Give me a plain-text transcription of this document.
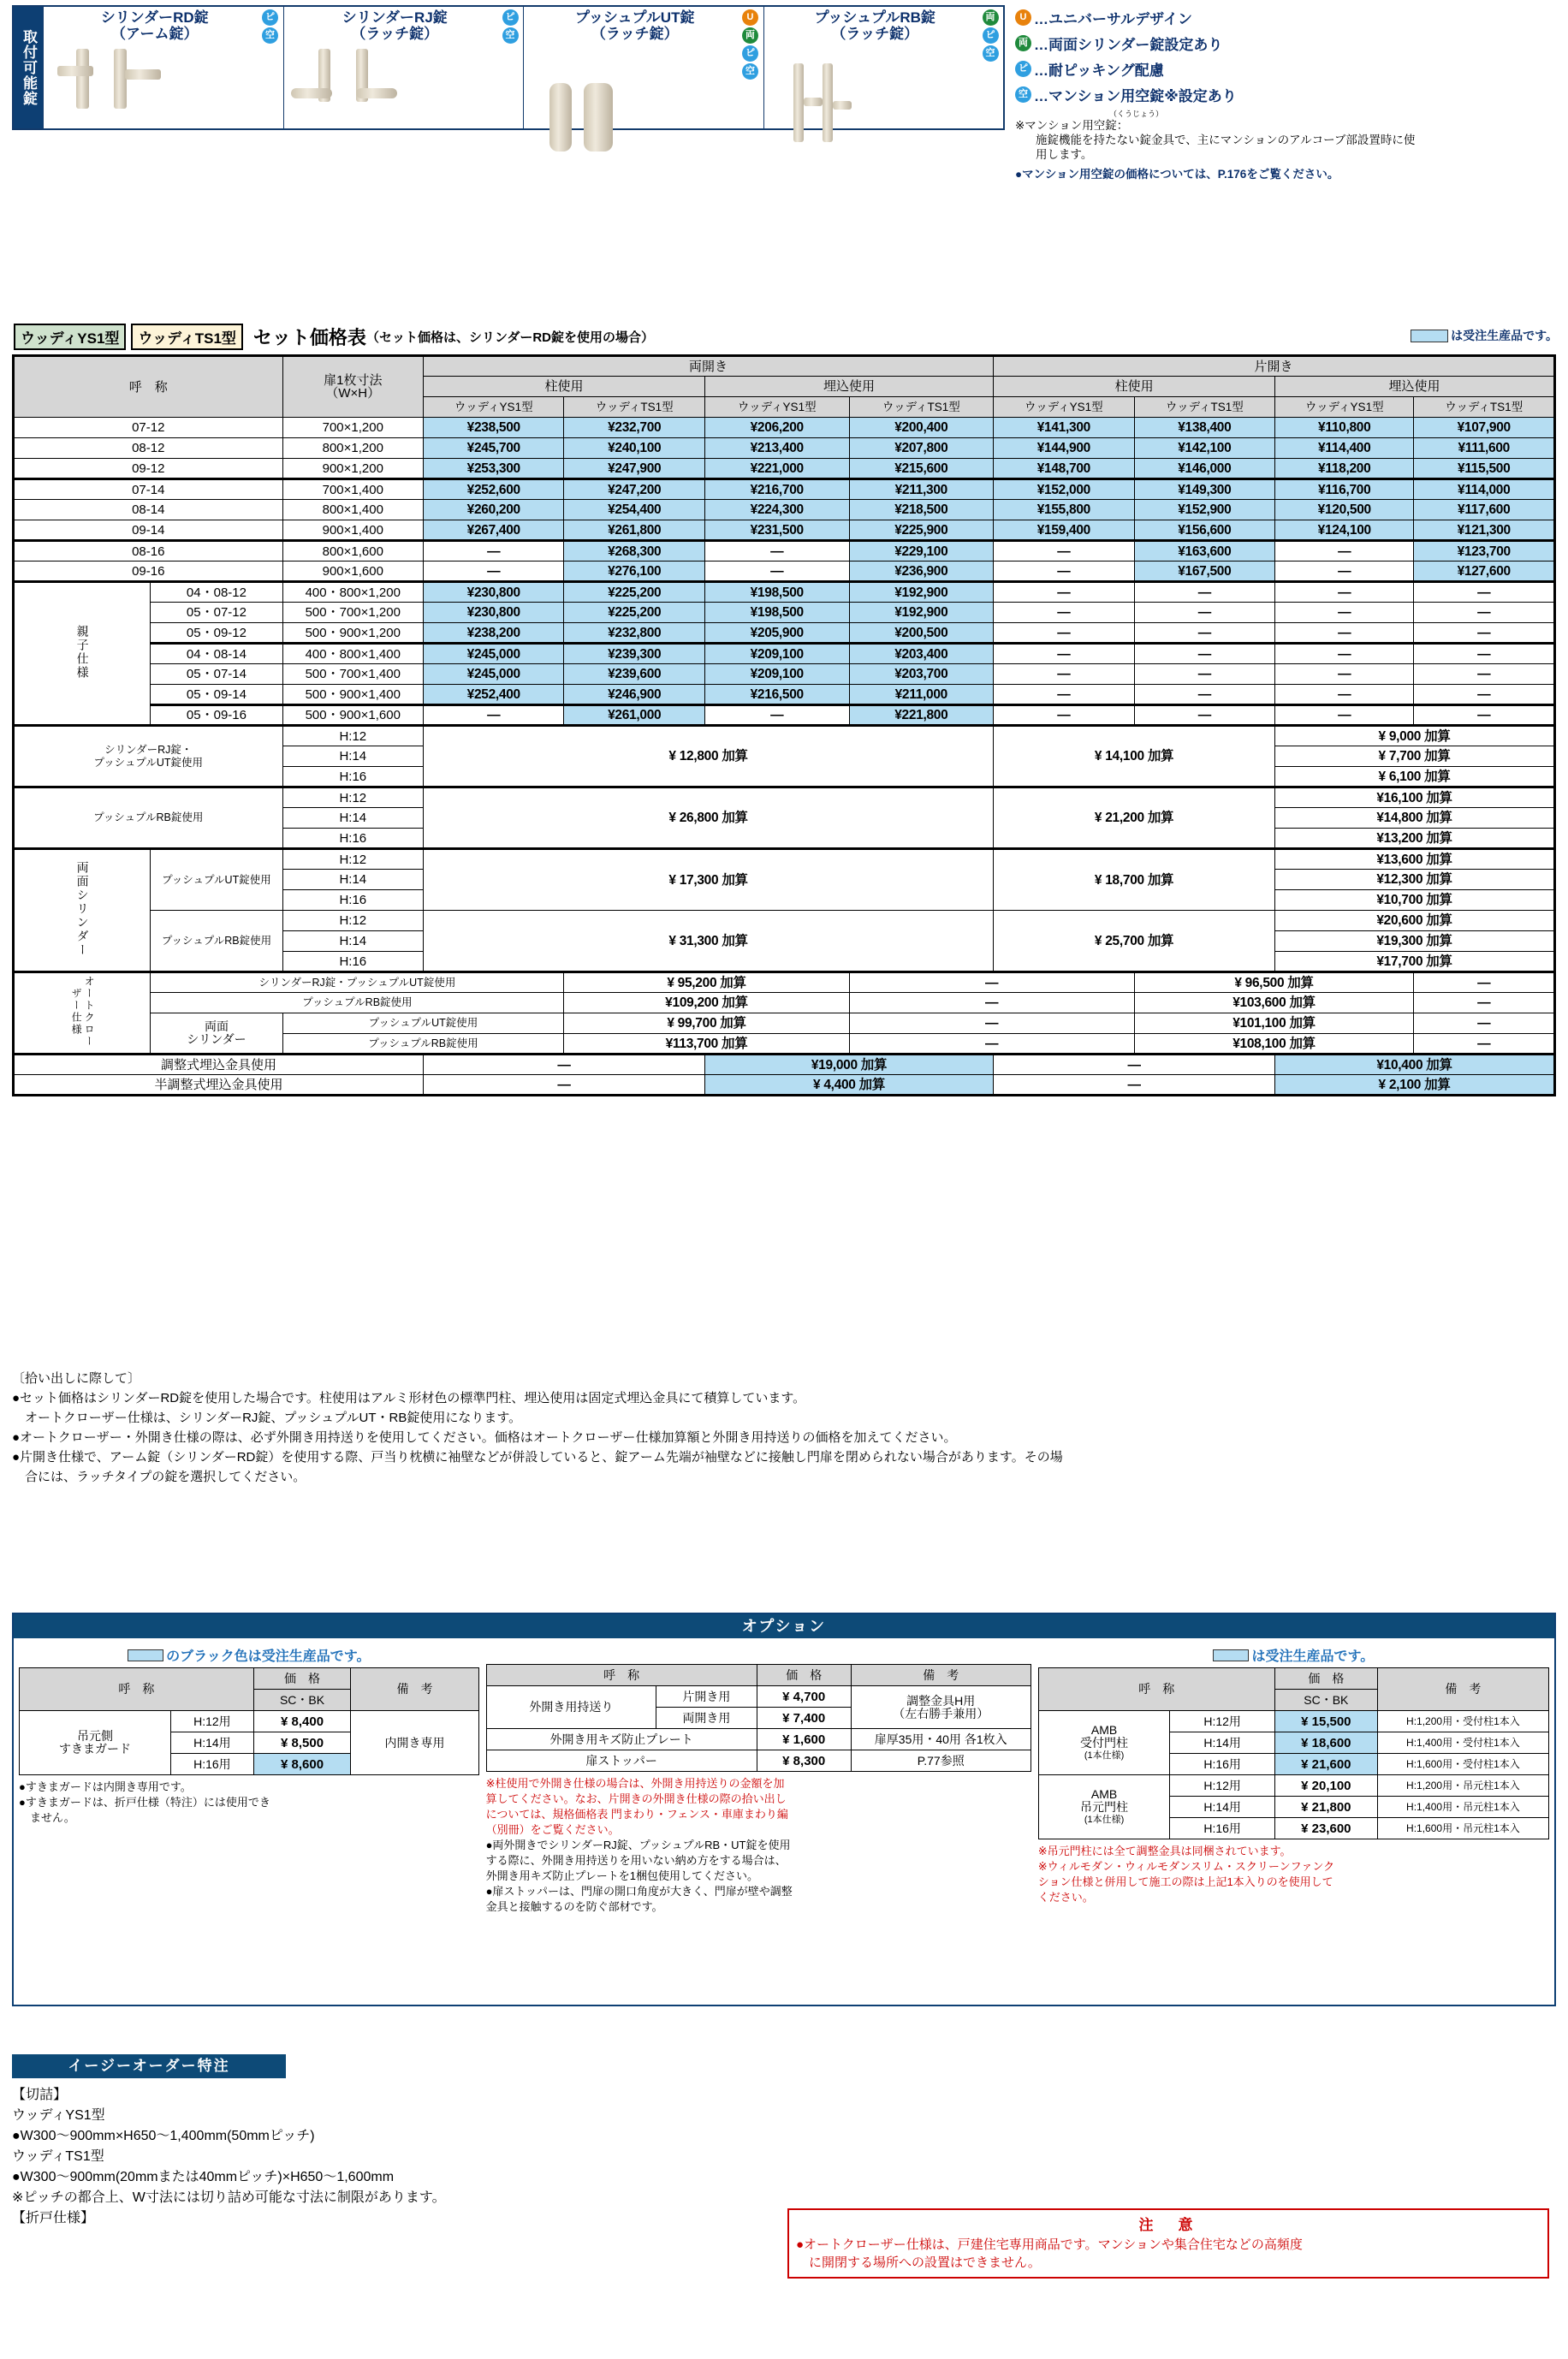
取付可能錠
シリンダーRD錠
（アーム錠）
ピ
空
シリンダーRJ錠
（ラッチ錠）
ピ
空
プッシュプルUT錠
（ラッチ錠）
U
両
ピ
空
プッシュプルRB錠
（ラッチ錠）
両
ピ
空
U …ユニバーサルデザイン
両 …両面シリンダー錠設定あり
ピ …耐ピッキング配慮
空 …マンション用空錠※設定あり
（くうじょう）
※マンション用空錠：
施錠機能を持たない錠金具で、主にマンションのアルコーブ部設置時に使
用します。
●マンション用空錠の価格については、P.176をご覧ください。
ウッディYS1型	ウッディTS1型 セット価格表 （セット価格は、シリンダーRD錠を使用の場合）	は受注生産品です。
呼　称		扉1枚寸法
（W×H）	両開き				片開き			
			柱使用		埋込使用		柱使用		埋込使用	
			ウッディYS1型	ウッディTS1型	ウッディYS1型	ウッディTS1型	ウッディYS1型	ウッディTS1型	ウッディYS1型	ウッディTS1型
07-12		700×1,200	¥238,500	¥232,700	¥206,200	¥200,400	¥141,300	¥138,400	¥110,800	¥107,900
08-12		800×1,200	¥245,700	¥240,100	¥213,400	¥207,800	¥144,900	¥142,100	¥114,400	¥111,600
09-12		900×1,200	¥253,300	¥247,900	¥221,000	¥215,600	¥148,700	¥146,000	¥118,200	¥115,500
07-14		700×1,400	¥252,600	¥247,200	¥216,700	¥211,300	¥152,000	¥149,300	¥116,700	¥114,000
08-14		800×1,400	¥260,200	¥254,400	¥224,300	¥218,500	¥155,800	¥152,900	¥120,500	¥117,600
09-14		900×1,400	¥267,400	¥261,800	¥231,500	¥225,900	¥159,400	¥156,600	¥124,100	¥121,300
08-16		800×1,600	—	¥268,300	—	¥229,100	—	¥163,600	—	¥123,700
09-16		900×1,600	—	¥276,100	—	¥236,900	—	¥167,500	—	¥127,600
親子仕様	04・08-12	400・800×1,200	¥230,800	¥225,200	¥198,500	¥192,900	—	—	—	—
	05・07-12	500・700×1,200	¥230,800	¥225,200	¥198,500	¥192,900	—	—	—	—
	05・09-12	500・900×1,200	¥238,200	¥232,800	¥205,900	¥200,500	—	—	—	—
	04・08-14	400・800×1,400	¥245,000	¥239,300	¥209,100	¥203,400	—	—	—	—
	05・07-14	500・700×1,400	¥245,000	¥239,600	¥209,100	¥203,700	—	—	—	—
	05・09-14	500・900×1,400	¥252,400	¥246,900	¥216,500	¥211,000	—	—	—	—
	05・09-16	500・900×1,600	—	¥261,000	—	¥221,800	—	—	—	—
シリンダーRJ錠・
プッシュプルUT錠使用		H:12	¥ 12,800 加算				¥ 14,100 加算		¥ 9,000 加算	
		H:14							¥ 7,700 加算	
		H:16							¥ 6,100 加算	
プッシュプルRB錠使用		H:12	¥ 26,800 加算				¥ 21,200 加算		¥16,100 加算	
		H:14							¥14,800 加算	
		H:16							¥13,200 加算	
両面シリンダー	プッシュプルUT錠使用	H:12	¥ 17,300 加算				¥ 18,700 加算		¥13,600 加算	
		H:14							¥12,300 加算	
		H:16							¥10,700 加算	
	プッシュプルRB錠使用	H:12	¥ 31,300 加算				¥ 25,700 加算		¥20,600 加算	
		H:14							¥19,300 加算	
		H:16							¥17,700 加算	
オートクローザー仕様	シリンダーRJ錠・プッシュプルUT錠使用			¥ 95,200 加算		—		¥ 96,500 加算		—
	プッシュプルRB錠使用			¥109,200 加算		—		¥103,600 加算		—
	両面
シリンダー	プッシュプルUT錠使用		¥ 99,700 加算		—		¥101,100 加算		—
		プッシュプルRB錠使用		¥113,700 加算		—		¥108,100 加算		—
調整式埋込金具使用			—		¥19,000 加算		—		¥10,400 加算	
半調整式埋込金具使用			—		¥ 4,400 加算		—		¥ 2,100 加算	

〔拾い出しに際して〕

●セット価格はシリンダーRD錠を使用した場合です。柱使用はアルミ形材色の標準門柱、埋込使用は固定式埋込金具にて積算しています。

　オートクローザー仕様は、シリンダーRJ錠、プッシュプルUT・RB錠使用になります。

●オートクローザー・外開き仕様の際は、必ず外開き用持送りを使用してください。価格はオートクローザー仕様加算額と外開き用持送りの価格を加えてください。

●片開き仕様で、アーム錠（シリンダーRD錠）を使用する際、戸当り枕横に袖壁などが併設していると、錠アーム先端が袖壁などに接触し門扉を閉められない場合があります。その場

　合には、ラッチタイプの錠を選択してください。

オプション
のブラック色は受注生産品です。
呼　称		価　格	備　考
		SC・BK	

吊元側
すきまガード	H:12用	¥ 8,400	内開き専用
	H:14用	¥ 8,500	
	H:16用	¥ 8,600	

●すきまガードは内開き専用です。

●すきまガードは、折戸仕様（特注）には使用でき

　ません。

呼　称		価　格	備　考
外開き用持送り	片開き用	¥ 4,700	調整金具H用
（左右勝手兼用）

	両開き用	¥ 7,400	
外開き用キズ防止プレート		¥ 1,600	扉厚35用・40用 各1枚入
扉ストッパー		¥ 8,300	P.77参照

※柱使用で外開き仕様の場合は、外開き用持送りの金額を加

算してください。なお、片開きの外開き仕様の際の拾い出し

については、規格価格表 門まわり・フェンス・車庫まわり編

（別冊）をご覧ください。

●両外開きでシリンダーRJ錠、プッシュプルRB・UT錠を使用

する際に、外開き用持送りを用いない納め方をする場合は、

外開き用キズ防止プレートを1梱包使用してください。

●扉ストッパーは、門扉の開口角度が大きく、門扉が壁や調整

金具と接触するのを防ぐ部材です。

は受注生産品です。
呼　称		価　格	備　考
		SC・BK	

AMB
受付門柱
(1本仕様)	H:12用	¥ 15,500	H:1,200用・受付柱1本入
	H:14用	¥ 18,600	H:1,400用・受付柱1本入
	H:16用	¥ 21,600	H:1,600用・受付柱1本入

AMB
吊元門柱
(1本仕様)	H:12用	¥ 20,100	H:1,200用・吊元柱1本入
	H:14用	¥ 21,800	H:1,400用・吊元柱1本入
	H:16用	¥ 23,600	H:1,600用・吊元柱1本入

※吊元門柱には全て調整金具は同梱されています。

※ウィルモダン・ウィルモダンスリム・スクリーンファンク

ション仕様と併用して施工の際は上記1本入りのを使用して

ください。

イージーオーダー特注

【切詰】

ウッディYS1型

●W300〜900mm×H650〜1,400mm(50mmピッチ)

ウッディTS1型

●W300〜900mm(20mmまたは40mmピッチ)×H650〜1,600mm

※ピッチの都合上、W寸法には切り詰め可能な寸法に制限があります。

【折戸仕様】	注　意
●オートクローザー仕様は、戸建住宅専用商品です。マンションや集合住宅などの高頻度
　に開閉する場所への設置はできません。
